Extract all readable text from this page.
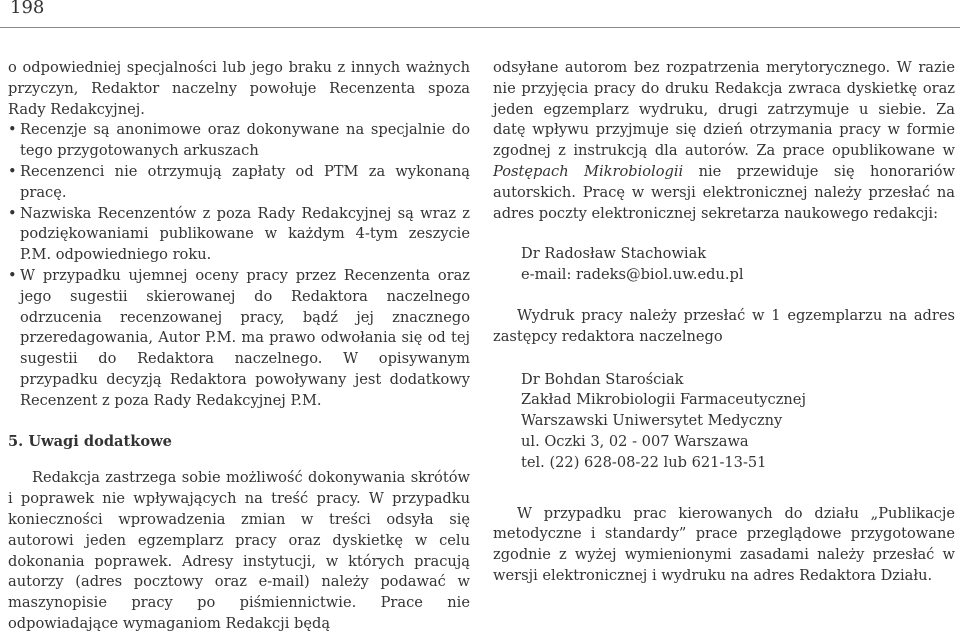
198

o odpowiedniej specjalności lub jego braku z innych ważnych przyczyn, Redaktor naczelny powołuje Recenzenta spoza Rady Redakcyjnej.

• Recenzje są anonimowe oraz dokonywane na specjalnie do tego przygotowanych arkuszach
• Recenzenci nie otrzymują zapłaty od PTM za wykonaną pracę.
• Nazwiska Recenzentów z poza Rady Redakcyjnej są wraz z podziękowaniami publikowane w każdym 4-tym zeszycie P.M. odpowiedniego roku.
• W przypadku ujemnej oceny pracy przez Recenzenta oraz jego sugestii skierowanej do Redaktora naczelnego odrzucenia recenzowanej pracy, bądź jej znacznego przeredagowania, Autor P.M. ma prawo odwołania się od tej sugestii do Redaktora naczelnego. W opisywanym przypadku decyzją Redaktora powoływany jest dodatkowy Recenzent z poza Rady Redakcyjnej P.M.
5. Uwagi dodatkowe

Redakcja zastrzega sobie możliwość dokonywania skrótów i poprawek nie wpływających na treść pracy. W przypadku konieczności wprowadzenia zmian w treści odsyła się autorowi jeden egzemplarz pracy oraz dyskietkę w celu dokonania poprawek. Adresy instytucji, w których pracują autorzy (adres pocztowy oraz e-mail) należy podawać w maszynopisie pracy po piśmiennictwie. Prace nie odpowiadające wymaganiom Redakcji będą

odsyłane autorom bez rozpatrzenia merytorycznego. W razie nie przyjęcia pracy do druku Redakcja zwraca dyskietkę oraz jeden egzemplarz wydruku, drugi zatrzymuje u siebie. Za datę wpływu przyjmuje się dzień otrzymania pracy w formie zgodnej z instrukcją dla autorów. Za prace opublikowane w Postępach Mikrobiologii nie przewiduje się honorariów autorskich. Pracę w wersji elektronicznej należy przesłać na adres poczty elektronicznej sekretarza naukowego redakcji:

Dr Radosław Stachowiak
e-mail: radeks@biol.uw.edu.pl

Wydruk pracy należy przesłać w 1 egzemplarzu na adres zastępcy redaktora naczelnego

Dr Bohdan Starościak
Zakład Mikrobiologii Farmaceutycznej
Warszawski Uniwersytet Medyczny
ul. Oczki 3, 02 - 007 Warszawa
tel. (22) 628-08-22 lub 621-13-51

W przypadku prac kierowanych do działu „Publikacje metodyczne i standardy” prace przeglądowe przygotowane zgodnie z wyżej wymienionymi zasadami należy przesłać w wersji elektronicznej i wydruku na adres Redaktora Działu.
